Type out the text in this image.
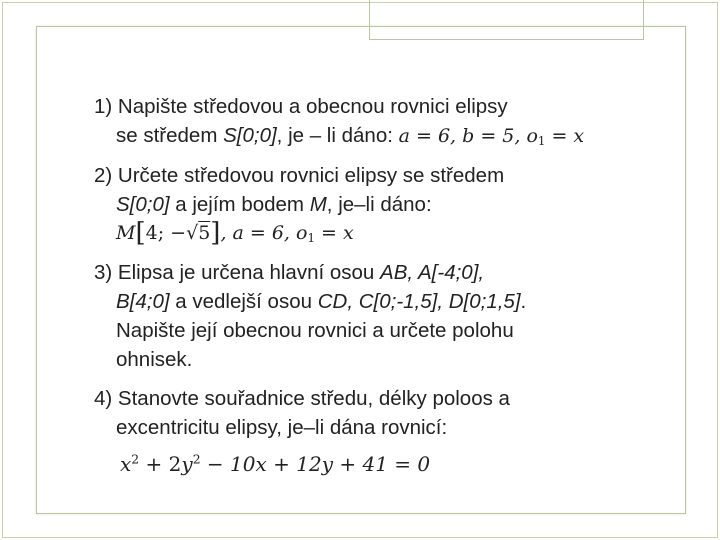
1) Napište středovou a obecnou rovnici elipsy
se středem S[0;0], je – li dáno: a = 6, b = 5, $o_1 = x$
2) Určete středovou rovnici elipsy se středem
S[0;0] a jejím bodem M, je–li dáno:
M[4; −√5], a = 6, $o_1 = x$
3) Elipsa je určena hlavní osou AB, A[-4;0],
B[4;0] a vedlejší osou CD, C[0;-1,5], D[0;1,5].
Napište její obecnou rovnici a určete polohu
ohnisek.
4) Stanovte souřadnice středu, délky poloos a
excentricitu elipsy, je–li dána rovnicí:
$x^2 + 2y^2 - 10x + 12y + 41 = 0$
